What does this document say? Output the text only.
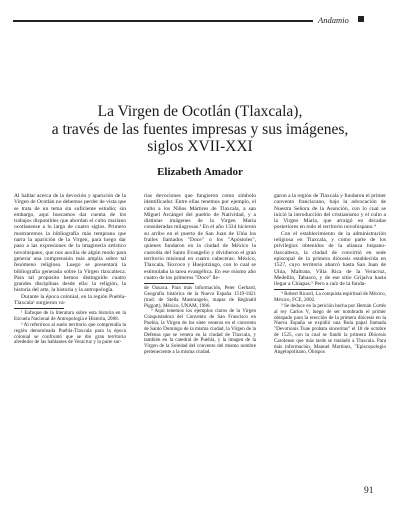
Andamio
La Virgen de Ocotlán (Tlaxcala),
a través de las fuentes impresas y sus imágenes,
siglos XVII-XXI
Elizabeth Amador

Al hablar acerca de la devoción y aparición de la Virgen de Ocotlán no debemos perder de vista que se trata de un tema sin suficiente estudio; sin embargo, aquí buscamos dar cuenta de los trabajos disponibles que abordan el culto mariano ocotlanense a lo largo de cuatro siglos. Primero mostraremos la bibliografía más temprana que narra la aparición de la Virgen, para luego dar paso a las expresiones de la imaginería artístico novohispano, que nos auxilia de algún modo para generar una comprensión más amplia sobre tal fenómeno religioso. Luego se presentará la bibliografía generada sobre la Virgen tlaxcalteca. Para tal propósito hemos distinguido cuatro grandes disciplinas desde ella: la religión, la historia del arte, la historia y la antropología.

Durante la época colonial, en la región Puebla-Tlaxcala¹ surgieron va-

¹ Enfoque de la literatura sobre esta historia en la Escuela Nacional de Antropología e Historia, 2008.

² Al referirnos al suelo territorio que comprendía la región denominada Puebla-Tlaxcala para la época colonial se confrontó que se dio gran territorio alrededor de las hablantes de Veracruz y la parte sur-

rias devociones que fungieron como símbolo identificador. Entre ellas tenemos por ejemplo, el culto a los Niños Mártires de Tlaxcala, a san Miguel Arcángel del pueblo de Natividad, y a distintas imágenes de la Virgen María consideradas milagrosas.³ En el año 1334 hicieron su arribo en el puerto de San Juan de Ulúa los frailes llamados "Doce" o los "Apóstoles", quienes fundaron en la ciudad de México la custodia del Santo Evangelio y dividieron el gran territorio misional en cuatro cabeceras: México, Tlaxcala, Texcoco y Huejotzingo, con lo cual se estimulaba la tarea evangélica. En ese mismo año cuatro de los primeros "Doce" lle-

de Oaxaca. Para más información, Peter Gerhard, Geografía histórica de la Nueva España 1519-1821 (trad. de Stella Mastrangelo, mapas de Reginald Piggott), México, UNAM, 1986.

³ Aquí tenemos los ejemplos claros de la Virgen Conquistadora del Convento de San Francisco en Puebla, la Virgen de los siete veneros en el convento de Santo Domingo de la misma ciudad, la Virgen de la Defensa que se venera en la ciudad de Tlaxcala, y también en la catedral de Puebla, y la imagen de la Virgen de la Soledad del convento del mismo nombre perteneciente a la misma ciudad.

garon a la región de Tlaxcala y fundaron el primer convento franciscano, bajo la advocación de Nuestra Señora de la Asunción, con lo cual se inició la introducción del cristianismo y el culto a la Virgen María, que arraigó en décadas posteriores en todo el territorio novohispano.⁴

Con el establecimiento de la administración religiosa en Tlaxcala, y como parte de los privilegios obtenidos de la alianza hispano-tlaxcalteca, la ciudad de convirtió en sede episcopal de la primera diócesis establecida en 1527, cuyo territorio abarcó hasta San Juan de Ulúa, Maltrata, Villa Rica de la Veracruz, Medellín, Tabasco, y de ese sitio Grijalva hasta llegar a Chiapas.⁵ Pero a raíz de la funda-

⁴ Robert Ricard, La conquista espiritual de México, México, FCE, 2002.

⁵ Se deduce en la petición hecha por Hernán Cortés al rey Carlos V, luego de ser nombrado el primer obispado para la erección de la primera diócesis en la Nueva España se expidió una Bula papal llamada "Devotionis Tuae probata sinceritas" el 18 de octubre de 1525, con la cual se fundó la primera Diócesis Carolense que más tarde se trasladó a Tlaxcala. Para más información, Manuel Martínez, "Episcopologio Angelopolitano, Obispos

91
